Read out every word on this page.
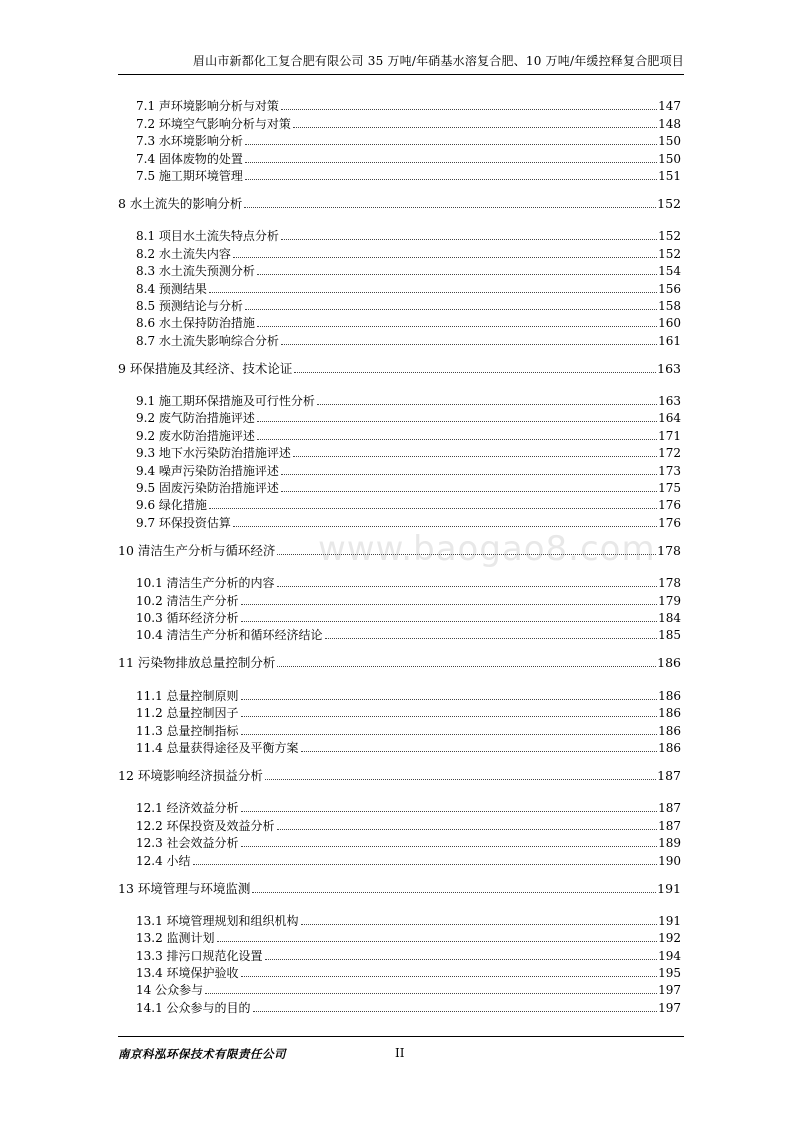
眉山市新都化工复合肥有限公司 35 万吨/年硝基水溶复合肥、10 万吨/年缓控释复合肥项目
7.1 声环境影响分析与对策	147
7.2 环境空气影响分析与对策	148
7.3 水环境影响分析	150
7.4 固体废物的处置	150
7.5 施工期环境管理	151
8 水土流失的影响分析	152
8.1 项目水土流失特点分析	152
8.2 水土流失内容	152
8.3 水土流失预测分析	154
8.4 预测结果	156
8.5 预测结论与分析	158
8.6 水土保持防治措施	160
8.7 水土流失影响综合分析	161
9 环保措施及其经济、技术论证	163
9.1 施工期环保措施及可行性分析	163
9.2 废气防治措施评述	164
9.2 废水防治措施评述	171
9.3 地下水污染防治措施评述	172
9.4 噪声污染防治措施评述	173
9.5 固废污染防治措施评述	175
9.6 绿化措施	176
9.7 环保投资估算	176
10 清洁生产分析与循环经济	178
10.1 清洁生产分析的内容	178
10.2 清洁生产分析	179
10.3 循环经济分析	184
10.4 清洁生产分析和循环经济结论	185
11 污染物排放总量控制分析	186
11.1 总量控制原则	186
11.2 总量控制因子	186
11.3 总量控制指标	186
11.4 总量获得途径及平衡方案	186
12 环境影响经济损益分析	187
12.1 经济效益分析	187
12.2 环保投资及效益分析	187
12.3 社会效益分析	189
12.4 小结	190
13 环境管理与环境监测	191
13.1 环境管理规划和组织机构	191
13.2 监测计划	192
13.3 排污口规范化设置	194
13.4 环境保护验收	195
14 公众参与	197
14.1 公众参与的目的	197
www.baogao8.com
南京科泓环保技术有限责任公司	II
